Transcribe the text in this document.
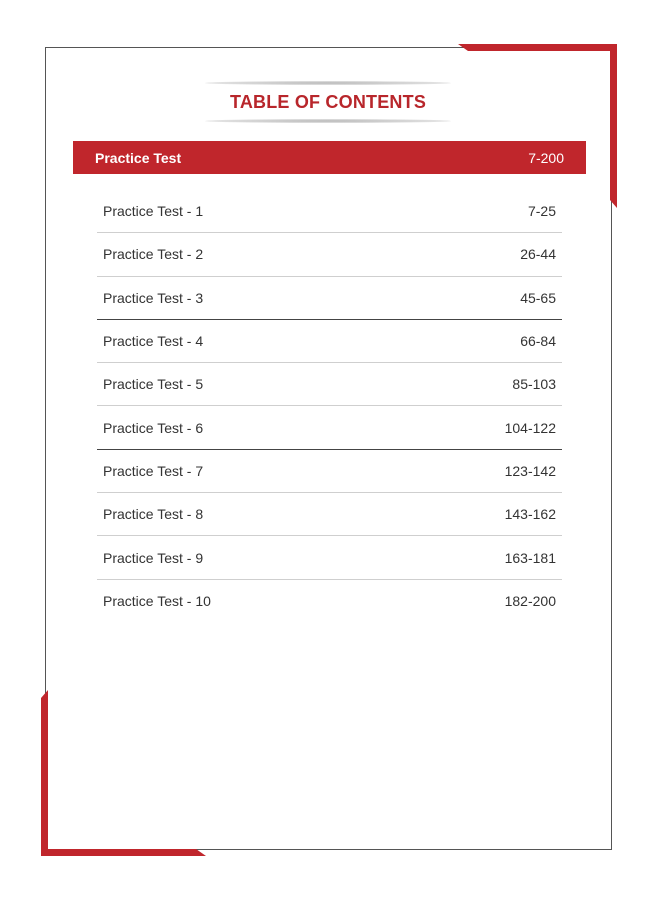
TABLE OF CONTENTS
Practice Test	7-200
Practice Test - 1	7-25
Practice Test - 2	26-44
Practice Test - 3	45-65
Practice Test - 4	66-84
Practice Test - 5	85-103
Practice Test - 6	104-122
Practice Test - 7	123-142
Practice Test - 8	143-162
Practice Test - 9	163-181
Practice Test - 10	182-200
